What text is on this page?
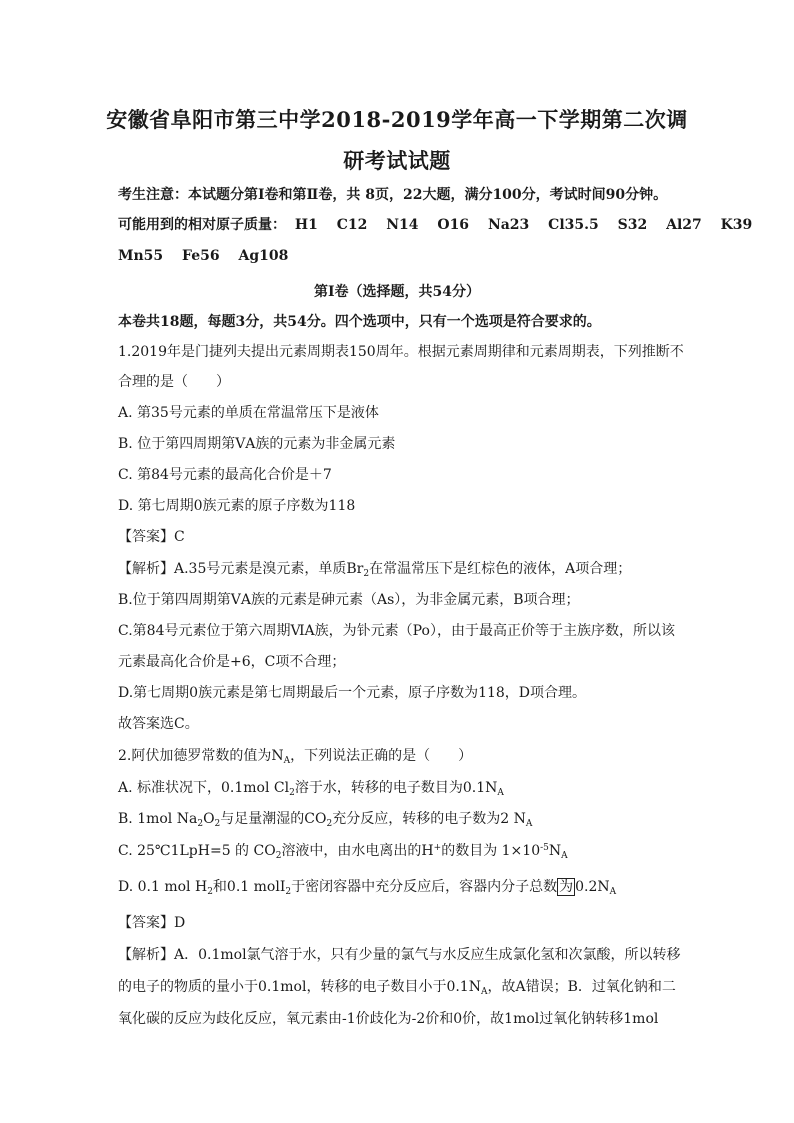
安徽省阜阳市第三中学2018-2019学年高一下学期第二次调
研考试试题
考生注意：本试题分第Ⅰ卷和第Ⅱ卷，共 8页，22大题，满分100分，考试时间90分钟。
可能用到的相对原子质量： H1 C12 N14 O16 Na23 Cl35.5 S32 Al27 K39
Mn55 Fe56 Ag108
第Ⅰ卷（选择题，共54分）
本卷共18题，每题3分，共54分。四个选项中，只有一个选项是符合要求的。
1.2019年是门捷列夫提出元素周期表150周年。根据元素周期律和元素周期表，下列推断不
合理的是（　　）
A. 第35号元素的单质在常温常压下是液体
B. 位于第四周期第ⅤA族的元素为非金属元素
C. 第84号元素的最高化合价是＋7
D. 第七周期0族元素的原子序数为118
【答案】C
【解析】A.35号元素是溴元素，单质$Br_2$在常温常压下是红棕色的液体，A项合理；
B.位于第四周期第ⅤA族的元素是砷元素（As），为非金属元素，B项合理；
C.第84号元素位于第六周期ⅥA族，为钋元素（Po），由于最高正价等于主族序数，所以该
元素最高化合价是+6，C项不合理；
D.第七周期0族元素是第七周期最后一个元素，原子序数为118，D项合理。
故答案选C。
2.阿伏加德罗常数的值为$N_A$，下列说法正确的是（　　）
A. 标准状况下，0.1mol $Cl_2$溶于水，转移的电子数目为$0.1N_A$
B. 1mol $Na_2O_2$与足量潮湿的$CO_2$充分反应，转移的电子数为2 $N_A$
C. 25℃1LpH=5 的 $CO_2$溶液中，由水电离出的H+的数目为 $1\times 10^{-5}N_A$
D. 0.1 mol $H_2$和0.1 molI$_2$于密闭容器中充分反应后，容器内分子总数 为 $0.2N_A$
【答案】D
【解析】A．0.1mol氯气溶于水，只有少量的氯气与水反应生成氯化氢和次氯酸，所以转移
的电子的物质的量小于0.1mol，转移的电子数目小于$0.1N_A$，故A错误；B．过氧化钠和二
氧化碳的反应为歧化反应，氧元素由-1价歧化为-2价和0价，故1mol过氧化钠转移1mol
